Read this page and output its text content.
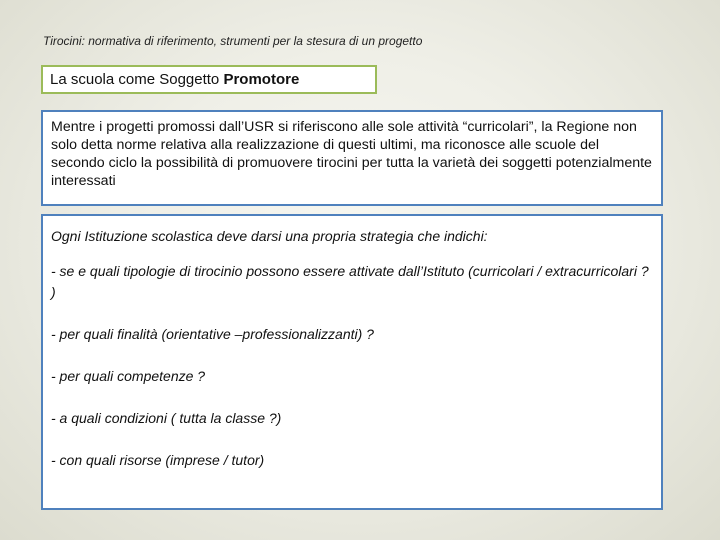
Tirocini: normativa di riferimento, strumenti per la stesura di un progetto
La scuola come Soggetto Promotore
Mentre i progetti promossi dall’USR si riferiscono alle sole attività “curricolari”, la Regione non solo detta norme relativa alla realizzazione di questi ultimi, ma riconosce alle scuole del secondo ciclo la possibilità di promuovere tirocini per tutta la varietà dei soggetti potenzialmente interessati

Ogni Istituzione scolastica deve darsi una propria strategia che indichi:

- se e quali tipologie di tirocinio possono essere attivate dall’Istituto (curricolari / extracurricolari ? )

- per quali finalità (orientative –professionalizzanti) ?

- per quali competenze ?

- a quali condizioni ( tutta la classe ?)

- con quali risorse (imprese / tutor)
